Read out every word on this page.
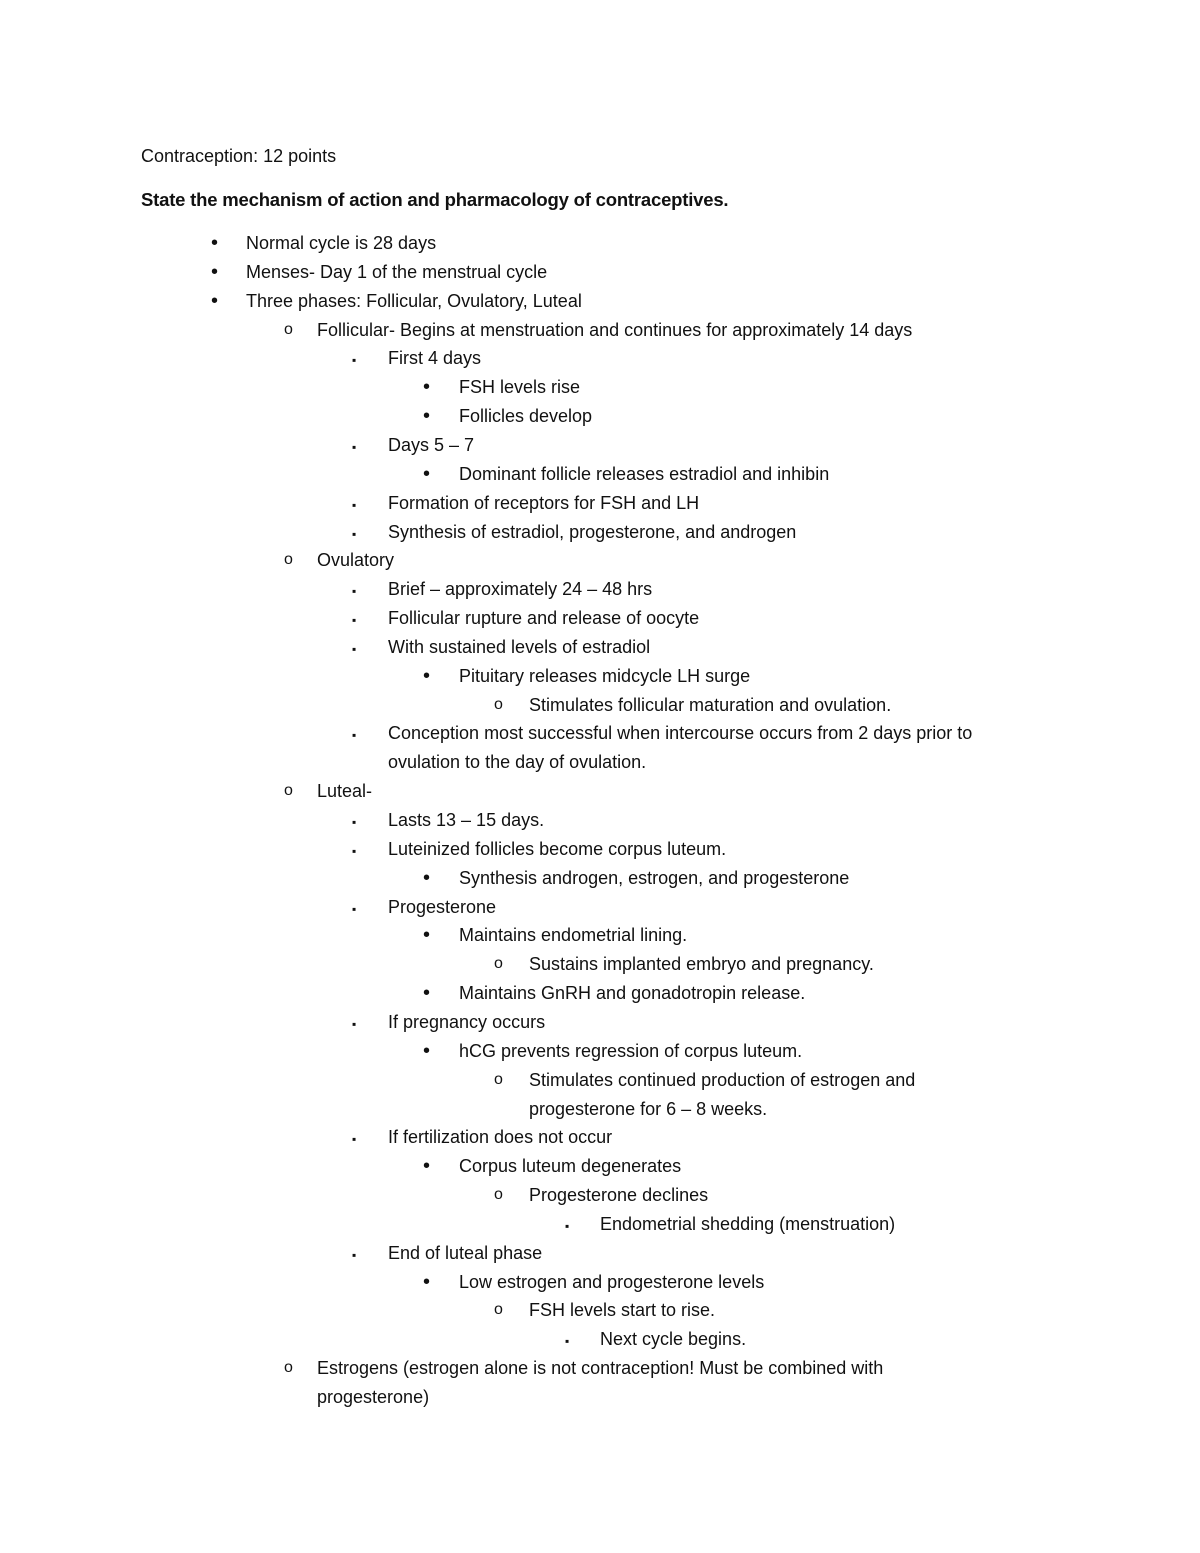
Contraception: 12 points
State the mechanism of action and pharmacology of contraceptives.
• Normal cycle is 28 days
• Menses- Day 1 of the menstrual cycle
• Three phases: Follicular, Ovulatory, Luteal
o Follicular- Begins at menstruation and continues for approximately 14 days
▪ First 4 days
• FSH levels rise
• Follicles develop
▪ Days 5 – 7
• Dominant follicle releases estradiol and inhibin
▪ Formation of receptors for FSH and LH
▪ Synthesis of estradiol, progesterone, and androgen
o Ovulatory
▪ Brief – approximately 24 – 48 hrs
▪ Follicular rupture and release of oocyte
▪ With sustained levels of estradiol
• Pituitary releases midcycle LH surge
o Stimulates follicular maturation and ovulation.
▪ Conception most successful when intercourse occurs from 2 days prior to
ovulation to the day of ovulation.
o Luteal-
▪ Lasts 13 – 15 days.
▪ Luteinized follicles become corpus luteum.
• Synthesis androgen, estrogen, and progesterone
▪ Progesterone
• Maintains endometrial lining.
o Sustains implanted embryo and pregnancy.
• Maintains GnRH and gonadotropin release.
▪ If pregnancy occurs
• hCG prevents regression of corpus luteum.
o Stimulates continued production of estrogen and
progesterone for 6 – 8 weeks.
▪ If fertilization does not occur
• Corpus luteum degenerates
o Progesterone declines
▪ Endometrial shedding (menstruation)
▪ End of luteal phase
• Low estrogen and progesterone levels
o FSH levels start to rise.
▪ Next cycle begins.
o Estrogens (estrogen alone is not contraception! Must be combined with
progesterone)
